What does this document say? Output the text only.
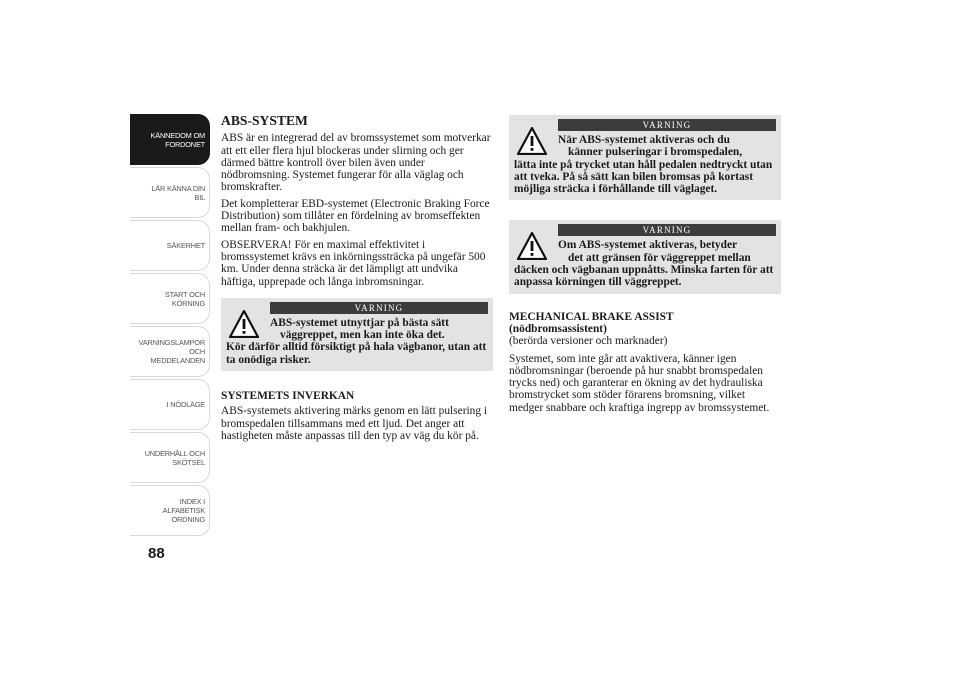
KÄNNEDOM OM
FORDONET
LÄR KÄNNA DIN
BIL
SÄKERHET
START OCH
KÖRNING
VARNINGSLAMPOR
OCH
MEDDELANDEN
I NÖDLÄGE
UNDERHÅLL OCH
SKÖTSEL
INDEX I
ALFABETISK
ORDNING
88
ABS-SYSTEM

ABS är en integrerad del av bromssystemet som motverkar att ett eller flera hjul blockeras under slirning och ger därmed bättre kontroll över bilen även under nödbromsning. Systemet fungerar för alla väglag och bromskrafter.

Det kompletterar EBD-systemet (Electronic Braking Force Distribution) som tillåter en fördelning av bromseffekten mellan fram- och bakhjulen.

OBSERVERA! För en maximal effektivitet i bromssystemet krävs en inkörningssträcka på ungefär 500 km. Under denna sträcka är det lämpligt att undvika häftiga, upprepade och långa inbromsningar.

VARNING
ABS-systemet utnyttjar på bästa sätt
väggreppet, men kan inte öka det.
Kör därför alltid försiktigt på hala vägbanor, utan att ta onödiga risker.

SYSTEMETS INVERKAN

ABS-systemets aktivering märks genom en lätt pulsering i bromspedalen tillsammans med ett ljud. Det anger att hastigheten måste anpassas till den typ av väg du kör på.

VARNING
När ABS-systemet aktiveras och du
känner pulseringar i bromspedalen,
lätta inte på trycket utan håll pedalen nedtryckt utan att tveka. På så sätt kan bilen bromsas på kortast möjliga sträcka i förhållande till väglaget.
VARNING
Om ABS-systemet aktiveras, betyder
det att gränsen för väggreppet mellan
däcken och vägbanan uppnåtts. Minska farten för att anpassa körningen till väggreppet.

MECHANICAL BRAKE ASSIST

(nödbromsassistent)

(berörda versioner och marknader)

Systemet, som inte går att avaktivera, känner igen nödbromsningar (beroende på hur snabbt bromspedalen trycks ned) och garanterar en ökning av det hydrauliska bromstrycket som stöder förarens bromsning, vilket medger snabbare och kraftiga ingrepp av bromssystemet.
